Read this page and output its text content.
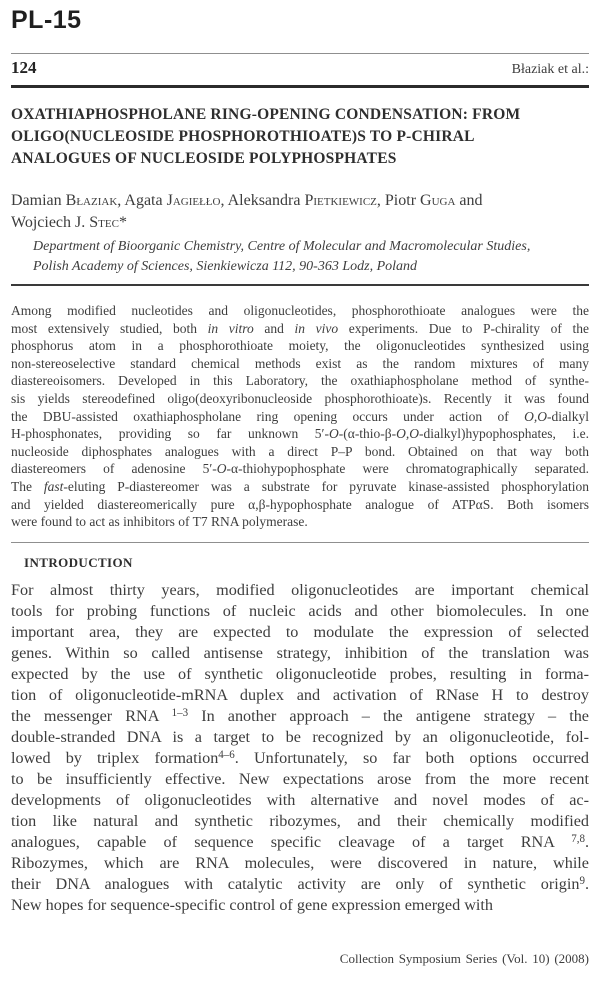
PL-15
124	Błaziak et al.:
OXATHIAPHOSPHOLANE RING-OPENING CONDENSATION: FROM
OLIGO(NUCLEOSIDE PHOSPHOROTHIOATE)S TO P-CHIRAL
ANALOGUES OF NUCLEOSIDE POLYPHOSPHATES
Damian Błaziak, Agata Jagiełło, Aleksandra Pietkiewicz, Piotr Guga and
Wojciech J. Stec*
Department of Bioorganic Chemistry, Centre of Molecular and Macromolecular Studies,
Polish Academy of Sciences, Sienkiewicza 112, 90-363 Lodz, Poland
Among modified nucleotides and oligonucleotides, phosphorothioate analogues were the
most extensively studied, both in vitro and in vivo experiments. Due to P-chirality of the
phosphorus atom in a phosphorothioate moiety, the oligonucleotides synthesized using
non-stereoselective standard chemical methods exist as the random mixtures of many
diastereoisomers. Developed in this Laboratory, the oxathiaphospholane method of synthe-
sis yields stereodefined oligo(deoxyribonucleoside phosphorothioate)s. Recently it was found
the DBU-assisted oxathiaphospholane ring opening occurs under action of O,O-dialkyl
H-phosphonates, providing so far unknown 5′-O-(α-thio-β-O,O-dialkyl)hypophosphates, i.e.
nucleoside diphosphates analogues with a direct P–P bond. Obtained on that way both
diastereomers of adenosine 5′-O-α-thiohypophosphate were chromatographically separated.
The fast-eluting P-diastereomer was a substrate for pyruvate kinase-assisted phosphorylation
and yielded diastereomerically pure α,β-hypophosphate analogue of ATPαS. Both isomers
were found to act as inhibitors of T7 RNA polymerase.
INTRODUCTION
For almost thirty years, modified oligonucleotides are important chemical
tools for probing functions of nucleic acids and other biomolecules. In one
important area, they are expected to modulate the expression of selected
genes. Within so called antisense strategy, inhibition of the translation was
expected by the use of synthetic oligonucleotide probes, resulting in forma-
tion of oligonucleotide-mRNA duplex and activation of RNase H to destroy
the messenger RNA $^{1-3}$ In another approach – the antigene strategy – the
double-stranded DNA is a target to be recognized by an oligonucleotide, fol-
lowed by triplex formation$^{4-6}$. Unfortunately, so far both options occurred
to be insufficiently effective. New expectations arose from the more recent
developments of oligonucleotides with alternative and novel modes of ac-
tion like natural and synthetic ribozymes, and their chemically modified
analogues, capable of sequence specific cleavage of a target RNA $^{7,8}$.
Ribozymes, which are RNA molecules, were discovered in nature, while
their DNA analogues with catalytic activity are only of synthetic origin$^9$.
New hopes for sequence-specific control of gene expression emerged with
Collection Symposium Series (Vol. 10) (2008)
